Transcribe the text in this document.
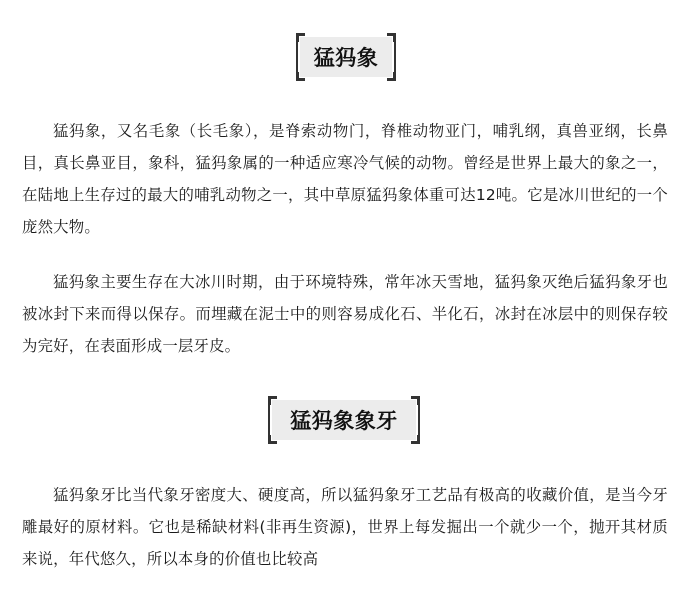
猛犸象

猛犸象，又名毛象（长毛象），是脊索动物门，脊椎动物亚门，哺乳纲，真兽亚纲，长鼻目，真长鼻亚目，象科，猛犸象属的一种适应寒冷气候的动物。曾经是世界上最大的象之一，在陆地上生存过的最大的哺乳动物之一，其中草原猛犸象体重可达12吨。它是冰川世纪的一个庞然大物。

猛犸象主要生存在大冰川时期，由于环境特殊，常年冰天雪地，猛犸象灭绝后猛犸象牙也被冰封下来而得以保存。而埋藏在泥士中的则容易成化石、半化石，冰封在冰层中的则保存较为完好，在表面形成一层牙皮。

猛犸象象牙

猛犸象牙比当代象牙密度大、硬度高，所以猛犸象牙工艺品有极高的收藏价值，是当今牙雕最好的原材料。它也是稀缺材料(非再生资源)，世界上每发掘出一个就少一个，抛开其材质来说，年代悠久，所以本身的价值也比较高
